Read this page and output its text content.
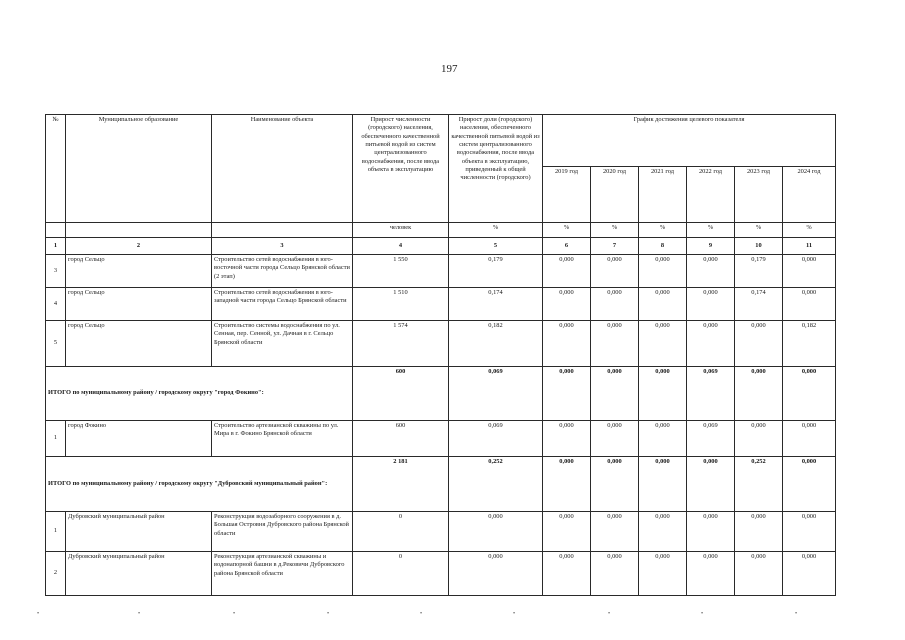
197
№	Муниципальное образование	Наименование объекта	Прирост численности (городского) населения, обеспеченного качественной питьевой водой из систем централизованного водоснабжения, после ввода объекта в эксплуатацию	Прирост доли (городского) населения, обеспеченного качественной питьевой водой из систем централизованного водоснабжения, после ввода объекта в эксплуатацию, приведенный к общей численности (городского)	График достижения целевого показателя					
					2019 год	2020 год	2021 год	2022 год	2023 год	2024 год
			человек	%	%	%	%	%	%	%
1	2	3	4	5	6	7	8	9	10	11
3	город Сельцо	Строительство сетей водоснабжения в юго-восточной части города Сельцо Брянской области (2 этап)	1 550	0,179	0,000	0,000	0,000	0,000	0,179	0,000
4	город Сельцо	Строительство сетей водоснабжения в юго-западной части города Сельцо Брянской области	1 510	0,174	0,000	0,000	0,000	0,000	0,174	0,000
5	город Сельцо	Строительство системы водоснабжения по ул. Сенная, пер. Сенной, ул. Дачная в г. Сельцо Брянской области	1 574	0,182	0,000	0,000	0,000	0,000	0,000	0,182
ИТОГО по муниципальному району / городскому округу "город Фокино":			600	0,069	0,000	0,000	0,000	0,069	0,000	0,000
1	город Фокино	Строительство артезианской скважины по ул. Мира в г. Фокино Брянской области	600	0,069	0,000	0,000	0,000	0,069	0,000	0,000
ИТОГО по муниципальному району / городскому округу "Дубровский муниципальный район":			2 181	0,252	0,000	0,000	0,000	0,000	0,252	0,000
1	Дубровский муниципальный район	Реконструкция водозаборного сооружения в д. Большая Островня Дубровского района Брянской области	0	0,000	0,000	0,000	0,000	0,000	0,000	0,000
2	Дубровский муниципальный район	Реконструкция артезианской скважины и водонапорной башни в д.Рековичи Дубровского района Брянской области	0	0,000	0,000	0,000	0,000	0,000	0,000	0,000
•	•	•	•	•	•	•	•	•
